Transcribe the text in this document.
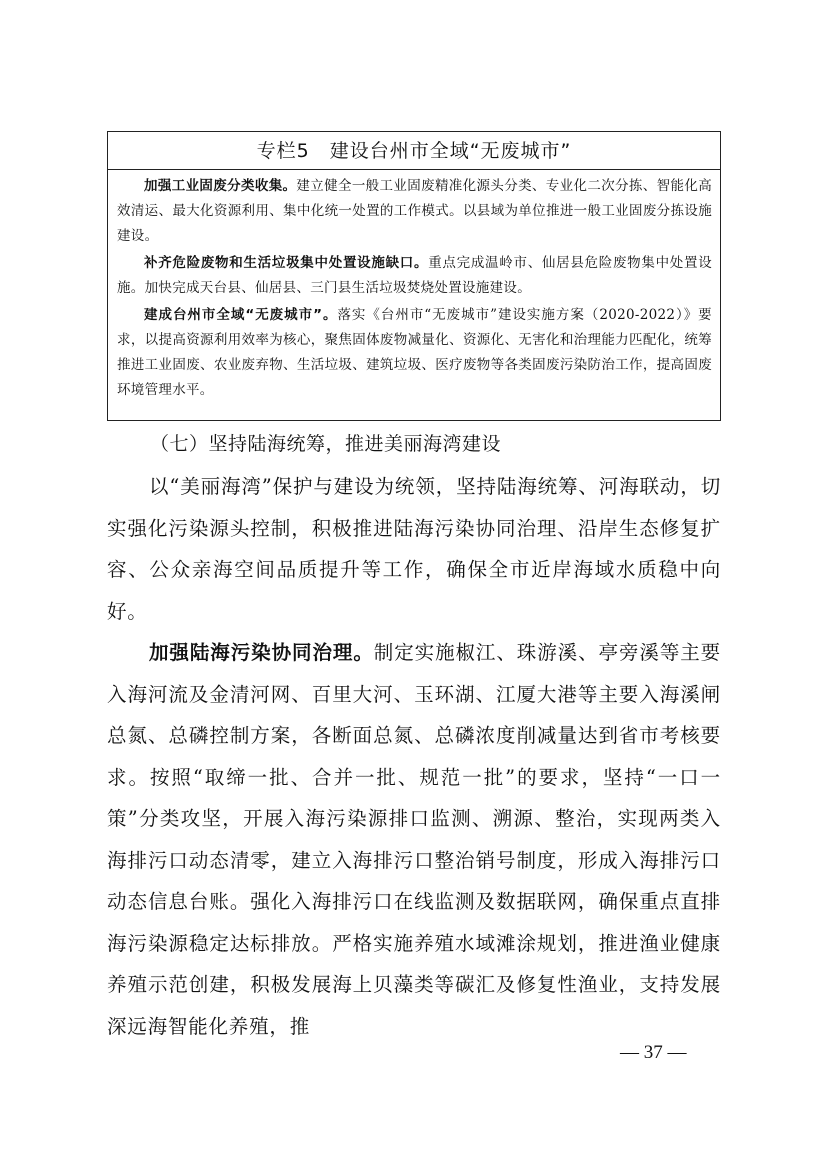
专栏5　建设台州市全域“无废城市”

加强工业固废分类收集。建立健全一般工业固废精准化源头分类、专业化二次分拣、智能化高效清运、最大化资源利用、集中化统一处置的工作模式。以县域为单位推进一般工业固废分拣设施建设。

补齐危险废物和生活垃圾集中处置设施缺口。重点完成温岭市、仙居县危险废物集中处置设施。加快完成天台县、仙居县、三门县生活垃圾焚烧处置设施建设。

建成台州市全域“无废城市”。落实《台州市“无废城市”建设实施方案（2020-2022）》要求，以提高资源利用效率为核心，聚焦固体废物减量化、资源化、无害化和治理能力匹配化，统筹推进工业固废、农业废弃物、生活垃圾、建筑垃圾、医疗废物等各类固废污染防治工作，提高固废环境管理水平。

（七）坚持陆海统筹，推进美丽海湾建设

以“美丽海湾”保护与建设为统领，坚持陆海统筹、河海联动，切实强化污染源头控制，积极推进陆海污染协同治理、沿岸生态修复扩容、公众亲海空间品质提升等工作，确保全市近岸海域水质稳中向好。

加强陆海污染协同治理。制定实施椒江、珠游溪、亭旁溪等主要入海河流及金清河网、百里大河、玉环湖、江厦大港等主要入海溪闸总氮、总磷控制方案，各断面总氮、总磷浓度削减量达到省市考核要求。按照“取缔一批、合并一批、规范一批”的要求，坚持“一口一策”分类攻坚，开展入海污染源排口监测、溯源、整治，实现两类入海排污口动态清零，建立入海排污口整治销号制度，形成入海排污口动态信息台账。强化入海排污口在线监测及数据联网，确保重点直排海污染源稳定达标排放。严格实施养殖水域滩涂规划，推进渔业健康养殖示范创建，积极发展海上贝藻类等碳汇及修复性渔业，支持发展深远海智能化养殖，推

— 37 —
